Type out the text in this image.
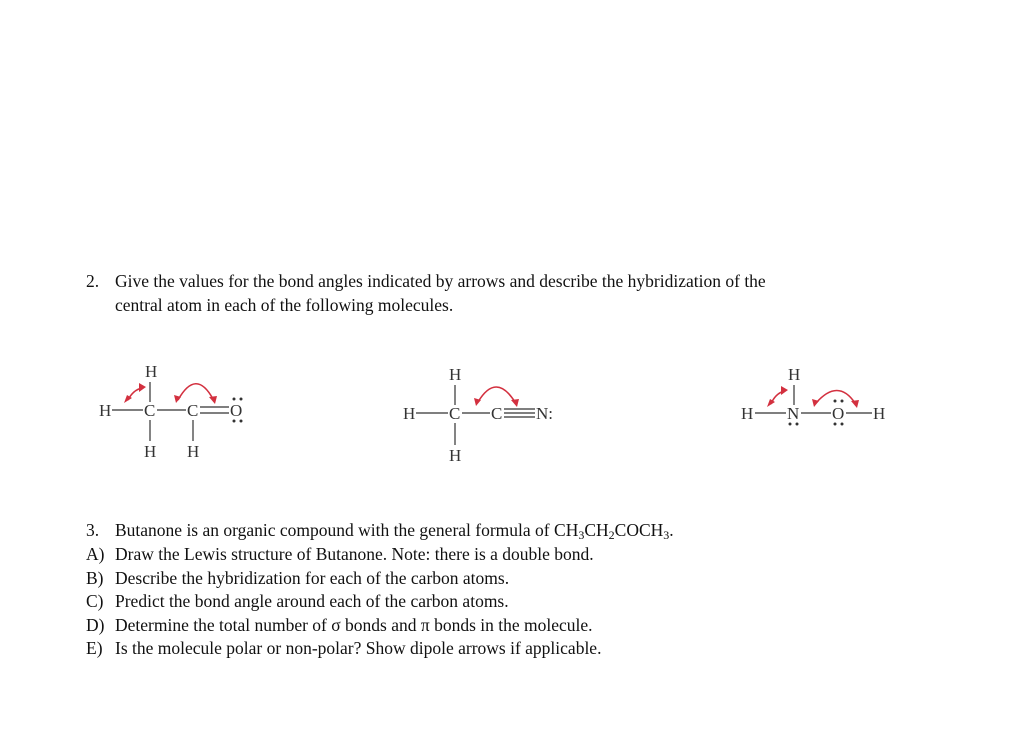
2. Give the values for the bond angles indicated by arrows and describe the hybridization of the
central atom in each of the following molecules.
H
H C C O
H H
H
H C C N:
H
H
H N O H
3. Butanone is an organic compound with the general formula of $CH_3CH_2COCH_3$.
A) Draw the Lewis structure of Butanone. Note: there is a double bond.
B) Describe the hybridization for each of the carbon atoms.
C) Predict the bond angle around each of the carbon atoms.
D) Determine the total number of σ bonds and π bonds in the molecule.
E) Is the molecule polar or non-polar? Show dipole arrows if applicable.
